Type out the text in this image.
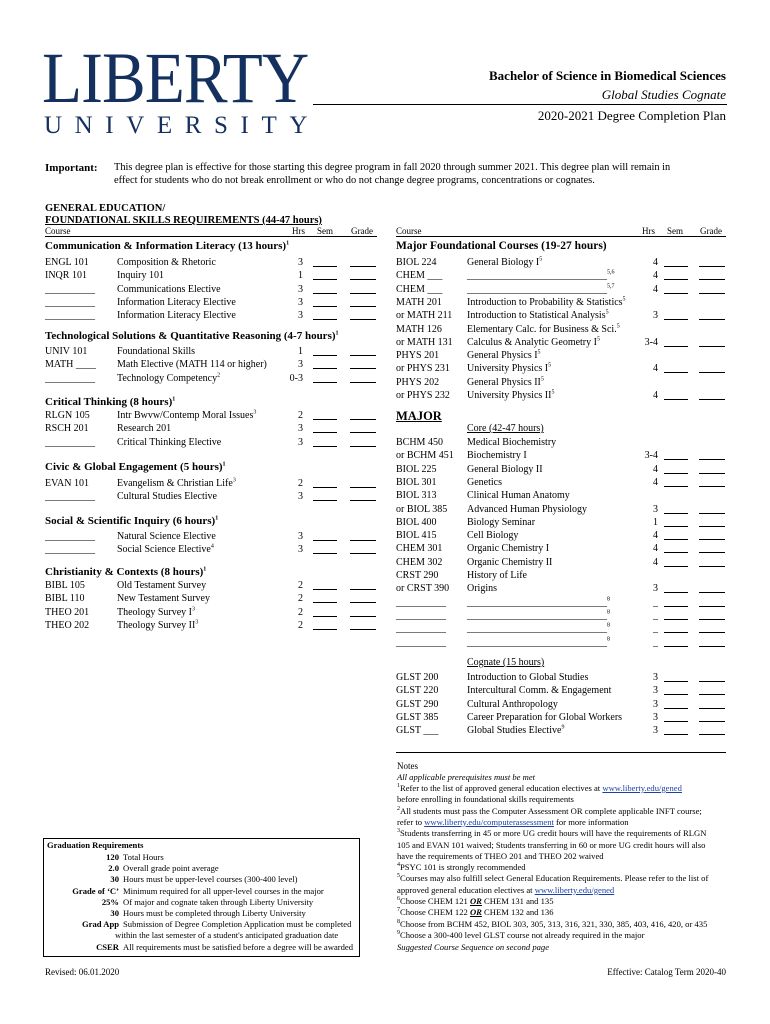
LIBERTY
UNIVERSITY
Bachelor of Science in Biomedical Sciences
Global Studies Cognate
2020-2021 Degree Completion Plan
Important: This degree plan is effective for those starting this degree program in fall 2020 through summer 2021. This degree plan will remain in
effect for students who do not break enrollment or who do not change degree programs, concentrations or cognates.
GENERAL EDUCATION/
FOUNDATIONAL SKILLS REQUIREMENTS (44-47 hours)
Course	Hrs Sem Grade
Communication & Information Literacy (13 hours)$^1$
ENGL 101	Composition & Rhetoric	3
INQR 101	Inquiry 101	1
__________ Communications Elective	3
__________ Information Literacy Elective	3
__________ Information Literacy Elective	3
Technological Solutions & Quantitative Reasoning (4-7 hours)$^1$
UNIV 101	Foundational Skills	1
MATH ____ Math Elective (MATH 114 or higher)	3
__________ Technology Competency$^2$	0-3
Critical Thinking (8 hours)$^1$
RLGN 105	Intr Bwvw/Contemp Moral Issues$^3$	2
RSCH 201	Research 201	3
__________ Critical Thinking Elective	3
Civic & Global Engagement (5 hours)$^1$
EVAN 101	Evangelism & Christian Life$^3$	2
__________ Cultural Studies Elective	3
Social & Scientific Inquiry (6 hours)$^1$
__________ Natural Science Elective	3
__________ Social Science Elective$^4$	3
Christianity & Contexts (8 hours)$^1$
BIBL 105	Old Testament Survey	2
BIBL 110	New Testament Survey	2
THEO 201	Theology Survey $I^3$	2
THEO 202	Theology Survey $II^3$	2
Course	Hrs Sem Grade
Major Foundational Courses (19-27 hours)
BIOL 224	General Biology $I^5$	4
CHEM ___ ____________________________$^{5,6}$	4
CHEM ___ ____________________________$^{5,7}$	4
MATH 201	Introduction to Probability & Statistics$^5$
or MATH 211 Introduction to Statistical Analysis$^5$	3
MATH 126	Elementary Calc. for Business & Sci.$^5$
or MATH 131 Calculus & Analytic Geometry $I^5$	3-4
PHYS 201	General Physics $I^5$
or PHYS 231 University Physics $I^5$	4
PHYS 202	General Physics $II^5$
or PHYS 232 University Physics $II^5$	4
MAJOR
Core (42-47 hours)
BCHM 450 Medical Biochemistry
or BCHM 451 Biochemistry I	3-4
BIOL 225	General Biology II	4
BIOL 301	Genetics	4
BIOL 313	Clinical Human Anatomy
or BIOL 385 Advanced Human Physiology	3
BIOL 400	Biology Seminar	1
BIOL 415	Cell Biology	4
CHEM 301 Organic Chemistry I	4
CHEM 302 Organic Chemistry II	4
CRST 290	History of Life
or CRST 390 Origins	3
__________ ____________________________$^8$	_
__________ ____________________________$^8$	_
__________ ____________________________$^8$	_
__________ ____________________________$^8$	_
Cognate (15 hours)
GLST 200	Introduction to Global Studies	3
GLST 220	Intercultural Comm. & Engagement	3
GLST 290	Cultural Anthropology	3
GLST 385	Career Preparation for Global Workers	3
GLST ___	Global Studies Elective$^9$	3
Notes
All applicable prerequisites must be met
$^1$Refer to the list of approved general education electives at www.liberty.edu/gened
before enrolling in foundational skills requirements
$^2$All students must pass the Computer Assessment OR complete applicable INFT course;
refer to www.liberty.edu/computerassessment for more information
$^3$Students transferring in 45 or more UG credit hours will have the requirements of RLGN
105 and EVAN 101 waived; Students transferring in 60 or more UG credit hours will also
have the requirements of THEO 201 and THEO 202 waived
$^4$PSYC 101 is strongly recommended
$^5$Courses may also fulfill select General Education Requirements. Please refer to the list of
approved general education electives at www.liberty.edu/gened
$^6$Choose CHEM 121 OR CHEM 131 and 135
$^7$Choose CHEM 122 OR CHEM 132 and 136
$^8$Choose from BCHM 452, BIOL 303, 305, 313, 316, 321, 330, 385, 403, 416, 420, or 435
$^9$Choose a 300-400 level GLST course not already required in the major
Suggested Course Sequence on second page
Graduation Requirements
120 Total Hours
2.0 Overall grade point average
30 Hours must be upper-level courses (300-400 level)
Grade of ‘C’ Minimum required for all upper-level courses in the major
25% Of major and cognate taken through Liberty University
30 Hours must be completed through Liberty University
Grad App Submission of Degree Completion Application must be completed
within the last semester of a student's anticipated graduation date
CSER All requirements must be satisfied before a degree will be awarded
Revised: 06.01.2020	Effective: Catalog Term 2020-40
